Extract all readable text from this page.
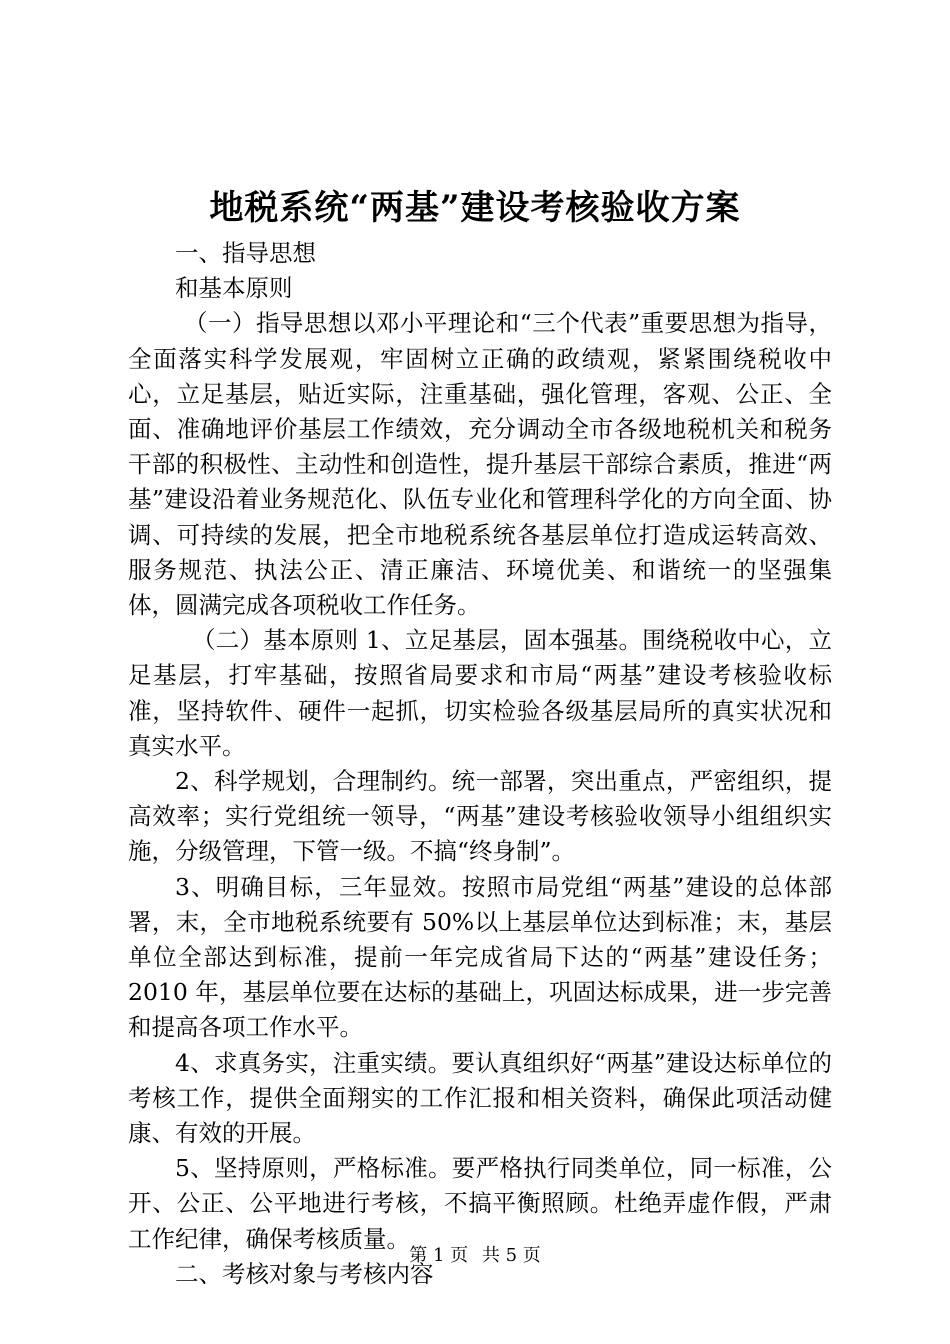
地税系统“两基”建设考核验收方案

一、指导思想

和基本原则

（一）指导思想以邓小平理论和“三个代表”重要思想为指导，全面落实科学发展观，牢固树立正确的政绩观，紧紧围绕税收中心，立足基层，贴近实际，注重基础，强化管理，客观、公正、全面、准确地评价基层工作绩效，充分调动全市各级地税机关和税务干部的积极性、主动性和创造性，提升基层干部综合素质，推进“两基”建设沿着业务规范化、队伍专业化和管理科学化的方向全面、协调、可持续的发展，把全市地税系统各基层单位打造成运转高效、服务规范、执法公正、清正廉洁、环境优美、和谐统一的坚强集体，圆满完成各项税收工作任务。

（二）基本原则 1、立足基层，固本强基。围绕税收中心，立足基层，打牢基础，按照省局要求和市局“两基”建设考核验收标准，坚持软件、硬件一起抓，切实检验各级基层局所的真实状况和真实水平。

2、科学规划，合理制约。统一部署，突出重点，严密组织，提高效率；实行党组统一领导，“两基”建设考核验收领导小组组织实施，分级管理，下管一级。不搞“终身制”。

3、明确目标，三年显效。按照市局党组“两基”建设的总体部署，末，全市地税系统要有 50%以上基层单位达到标准；末，基层单位全部达到标准，提前一年完成省局下达的“两基”建设任务；2010 年，基层单位要在达标的基础上，巩固达标成果，进一步完善和提高各项工作水平。

4、求真务实，注重实绩。要认真组织好“两基”建设达标单位的考核工作，提供全面翔实的工作汇报和相关资料，确保此项活动健康、有效的开展。

5、坚持原则，严格标准。要严格执行同类单位，同一标准，公开、公正、公平地进行考核，不搞平衡照顾。杜绝弄虚作假，严肃工作纪律，确保考核质量。

二、考核对象与考核内容

第 1 页 共 5 页
